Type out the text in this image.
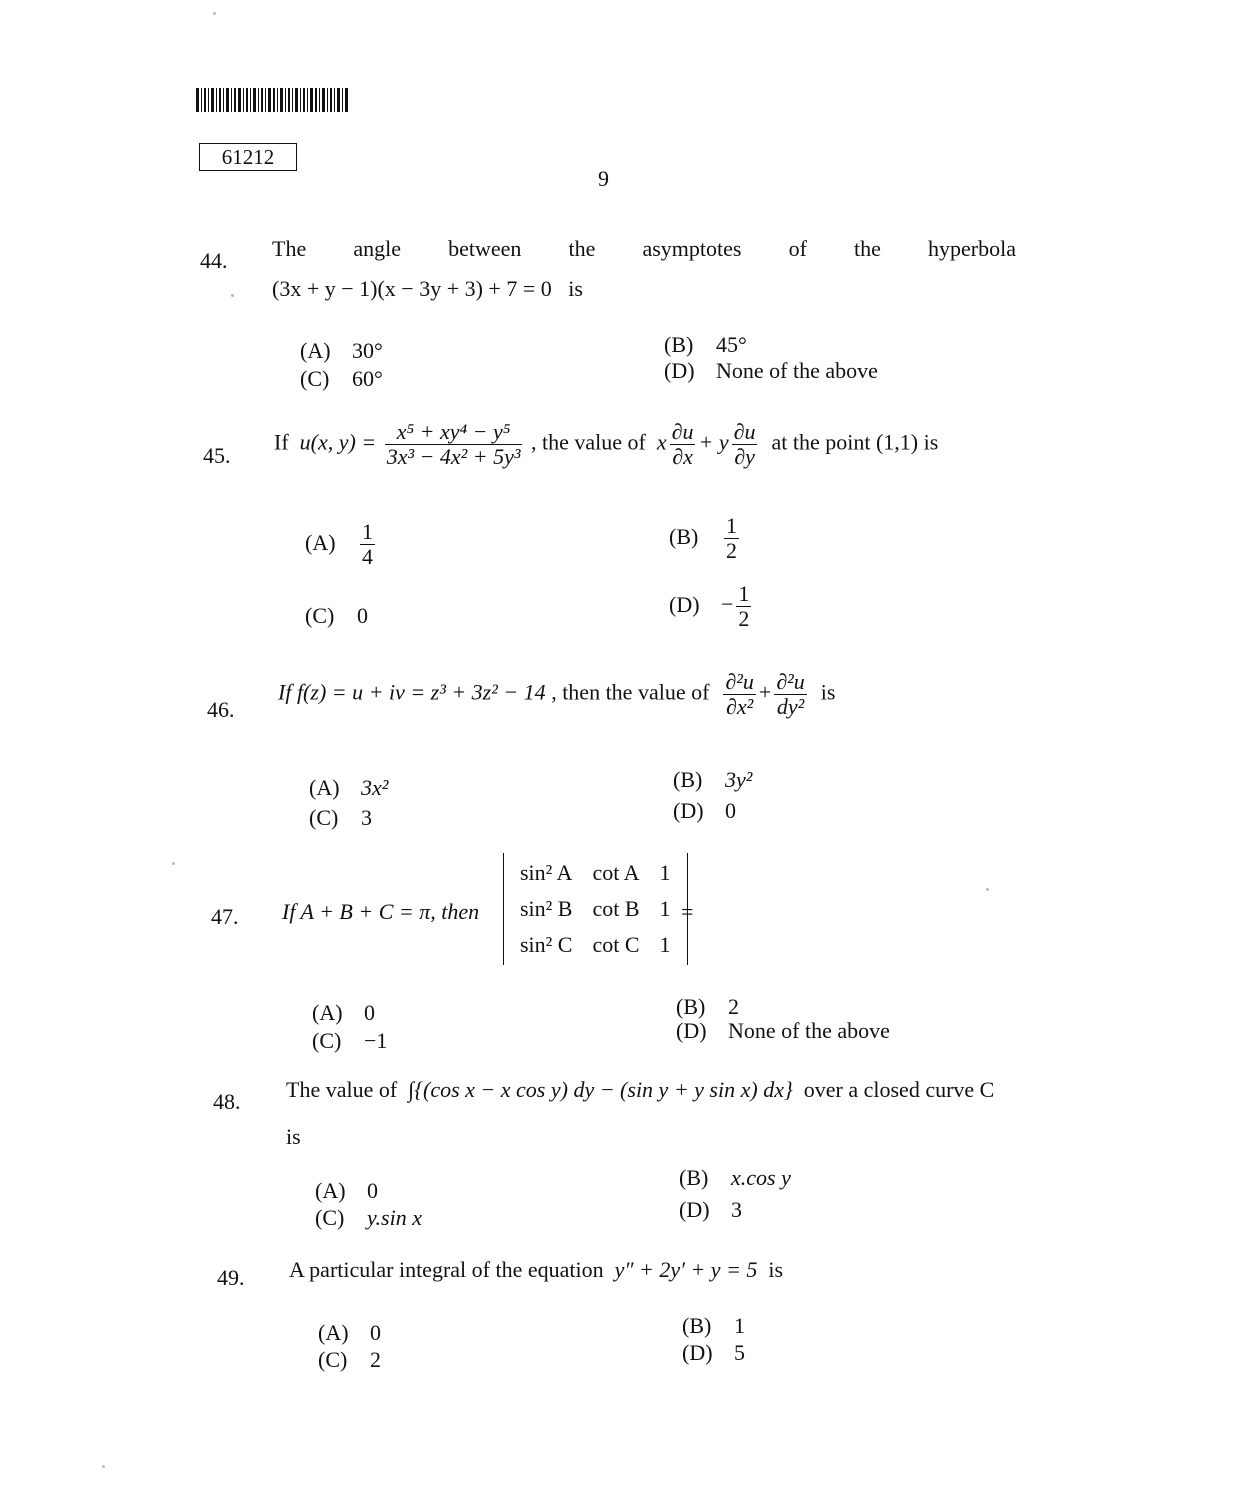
61212
9
44. The angle between the asymptotes of the hyperbola
(3x + y − 1)(x − 3y + 3) + 7 = 0 is
(A) 30°	(B) 45°
(C) 60°	(D) None of the above
45.
If u(x, $y) = \frac{\text{x⁵ + xy⁴ − y⁵}}{\text{3x³ − 4x² + 5y³}}$ , the value of x $\frac{\partial u}{\partial x} + y \frac{\partial u}{\partial y}$ at the point (1,1) is
$(A) \frac{1}{4}$	$(B) \frac{1}{2}$
(C) 0	$(D) - \frac{1}{2}$
46.
If f(z) = u + iv = z³ + 3z² − 14 , then the value of $\frac{\text{∂²u}}{\text{∂x²}} + \frac{\text{∂²u}}{\text{dy²}}$ is
(A) 3x²	(B) 3y²
(C) 3	(D) 0
47. If A + B + C = π, then
sin² A	cot A	1
sin² B	cot B	1
sin² C	cot C	1
=
(A) 0	(B) 2
(C) −1	(D) None of the above
48. The value of ∫{(cos x − x cos y) dy − (sin y + y sin x) dx} over a closed curve C
is
(A) 0
(B) x.cos y
(C) y.sin x	(D) 3
49. A particular integral of the equation y″ + 2y′ + y = 5 is
(A) 0	(B) 1
(C) 2	(D) 5
